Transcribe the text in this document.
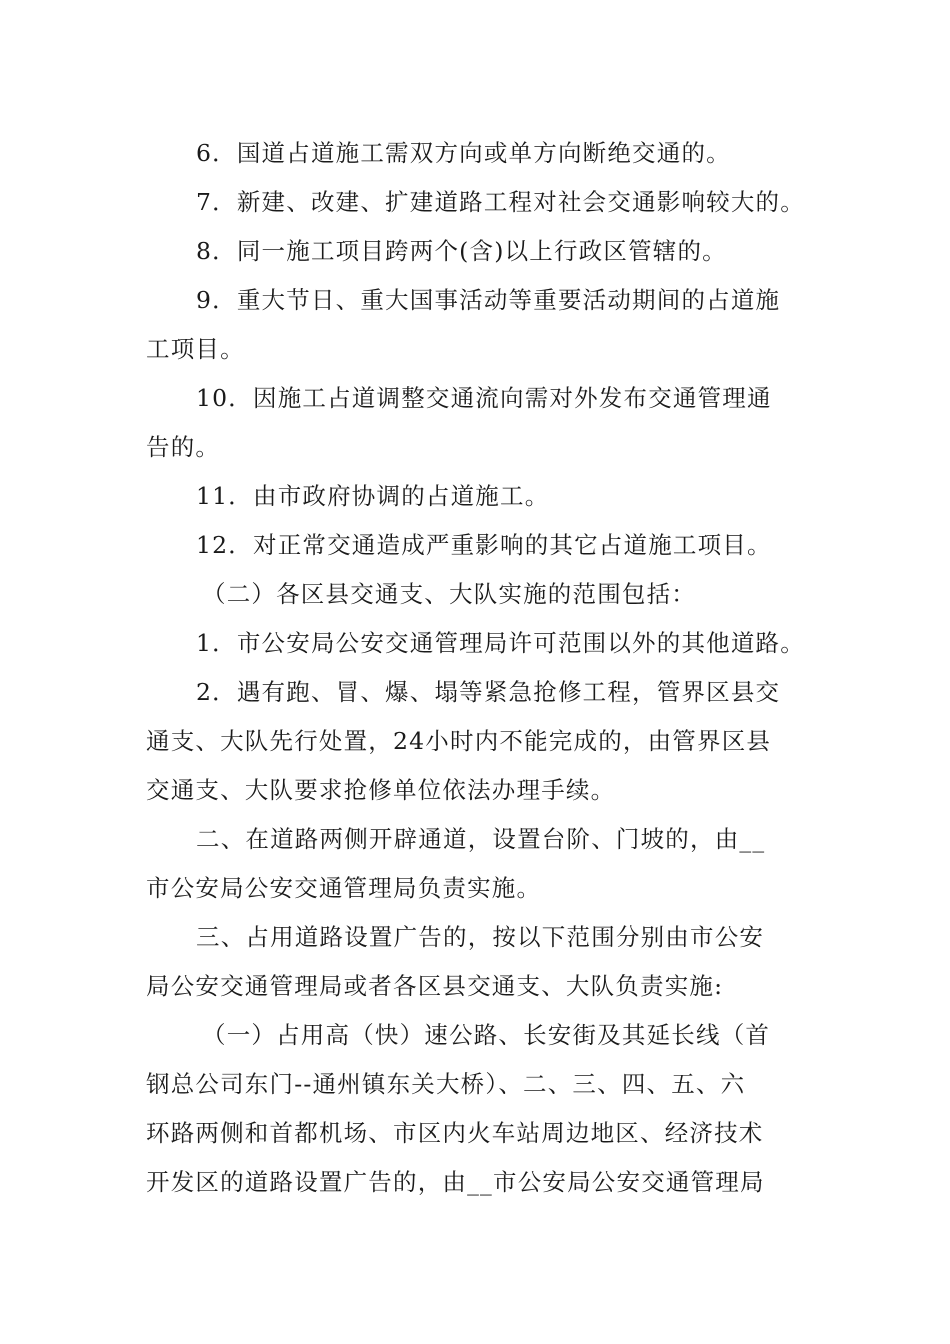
6．国道占道施工需双方向或单方向断绝交通的。
7．新建、改建、扩建道路工程对社会交通影响较大的。
8．同一施工项目跨两个(含)以上行政区管辖的。
9．重大节日、重大国事活动等重要活动期间的占道施
工项目。
10．因施工占道调整交通流向需对外发布交通管理通
告的。
11．由市政府协调的占道施工。
12．对正常交通造成严重影响的其它占道施工项目。
（二）各区县交通支、大队实施的范围包括：
1．市公安局公安交通管理局许可范围以外的其他道路。
2．遇有跑、冒、爆、塌等紧急抢修工程，管界区县交
通支、大队先行处置，24小时内不能完成的，由管界区县
交通支、大队要求抢修单位依法办理手续。
二、在道路两侧开辟通道，设置台阶、门坡的，由__
市公安局公安交通管理局负责实施。
三、占用道路设置广告的，按以下范围分别由市公安
局公安交通管理局或者各区县交通支、大队负责实施:
（一）占用高（快）速公路、长安街及其延长线（首
钢总公司东门--通州镇东关大桥）、二、三、四、五、六
环路两侧和首都机场、市区内火车站周边地区、经济技术
开发区的道路设置广告的，由__市公安局公安交通管理局
